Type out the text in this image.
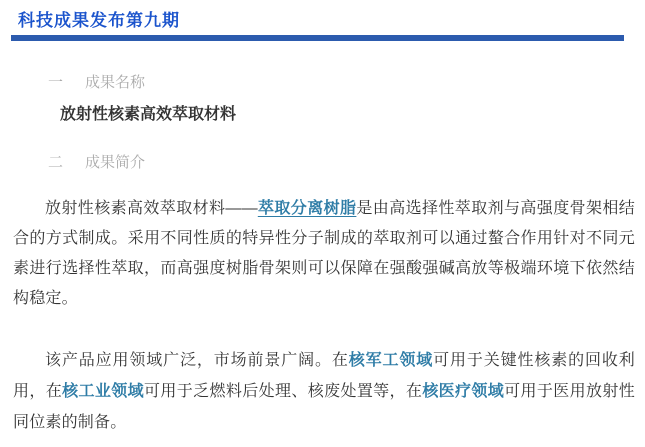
科技成果发布第九期
一 成果名称
放射性核素高效萃取材料
二 成果简介

放射性核素高效萃取材料——萃取分离树脂是由高选择性萃取剂与高强度骨架相结合的方式制成。采用不同性质的特异性分子制成的萃取剂可以通过螯合作用针对不同元素进行选择性萃取，而高强度树脂骨架则可以保障在强酸强碱高放等极端环境下依然结构稳定。

该产品应用领域广泛，市场前景广阔。在核军工领域可用于关键性核素的回收利用，在核工业领域可用于乏燃料后处理、核废处置等，在核医疗领域可用于医用放射性同位素的制备。
